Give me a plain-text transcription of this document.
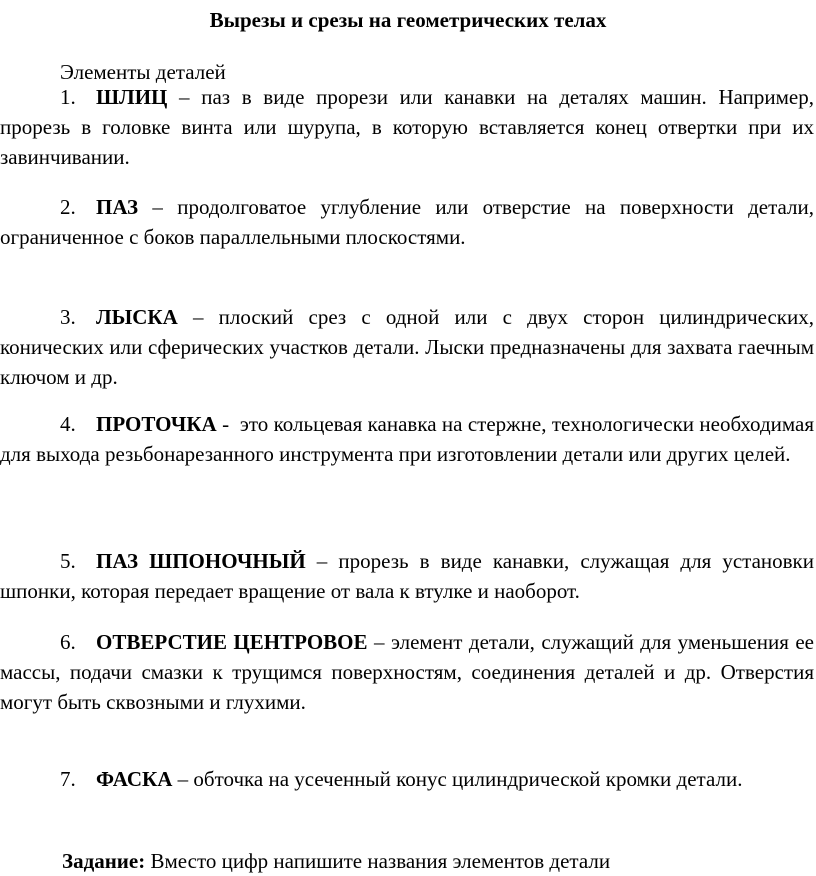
Вырезы и срезы на геометрических телах
Элементы деталей
1. ШЛИЦ – паз в виде прорези или канавки на деталях машин. Например, прорезь в головке винта или шурупа, в которую вставляется конец отвертки при их завинчивании.
2. ПАЗ – продолговатое углубление или отверстие на поверхности детали, ограниченное с боков параллельными плоскостями.
3. ЛЫСКА – плоский срез с одной или с двух сторон цилиндрических, конических или сферических участков детали. Лыски предназначены для захвата гаечным ключом и др.
4. ПРОТОЧКА -  это кольцевая канавка на стержне, технологически необходимая для выхода резьбонарезанного инструмента при изготовлении детали или других целей.
5. ПАЗ ШПОНОЧНЫЙ – прорезь в виде канавки, служащая для установки шпонки, которая передает вращение от вала к втулке и наоборот.
6. ОТВЕРСТИЕ ЦЕНТРОВОЕ – элемент детали, служащий для уменьшения ее массы, подачи смазки к трущимся поверхностям, соединения деталей и др. Отверстия могут быть сквозными и глухими.
7. ФАСКА – обточка на усеченный конус цилиндрической кромки детали.
Задание: Вместо цифр напишите названия элементов детали
